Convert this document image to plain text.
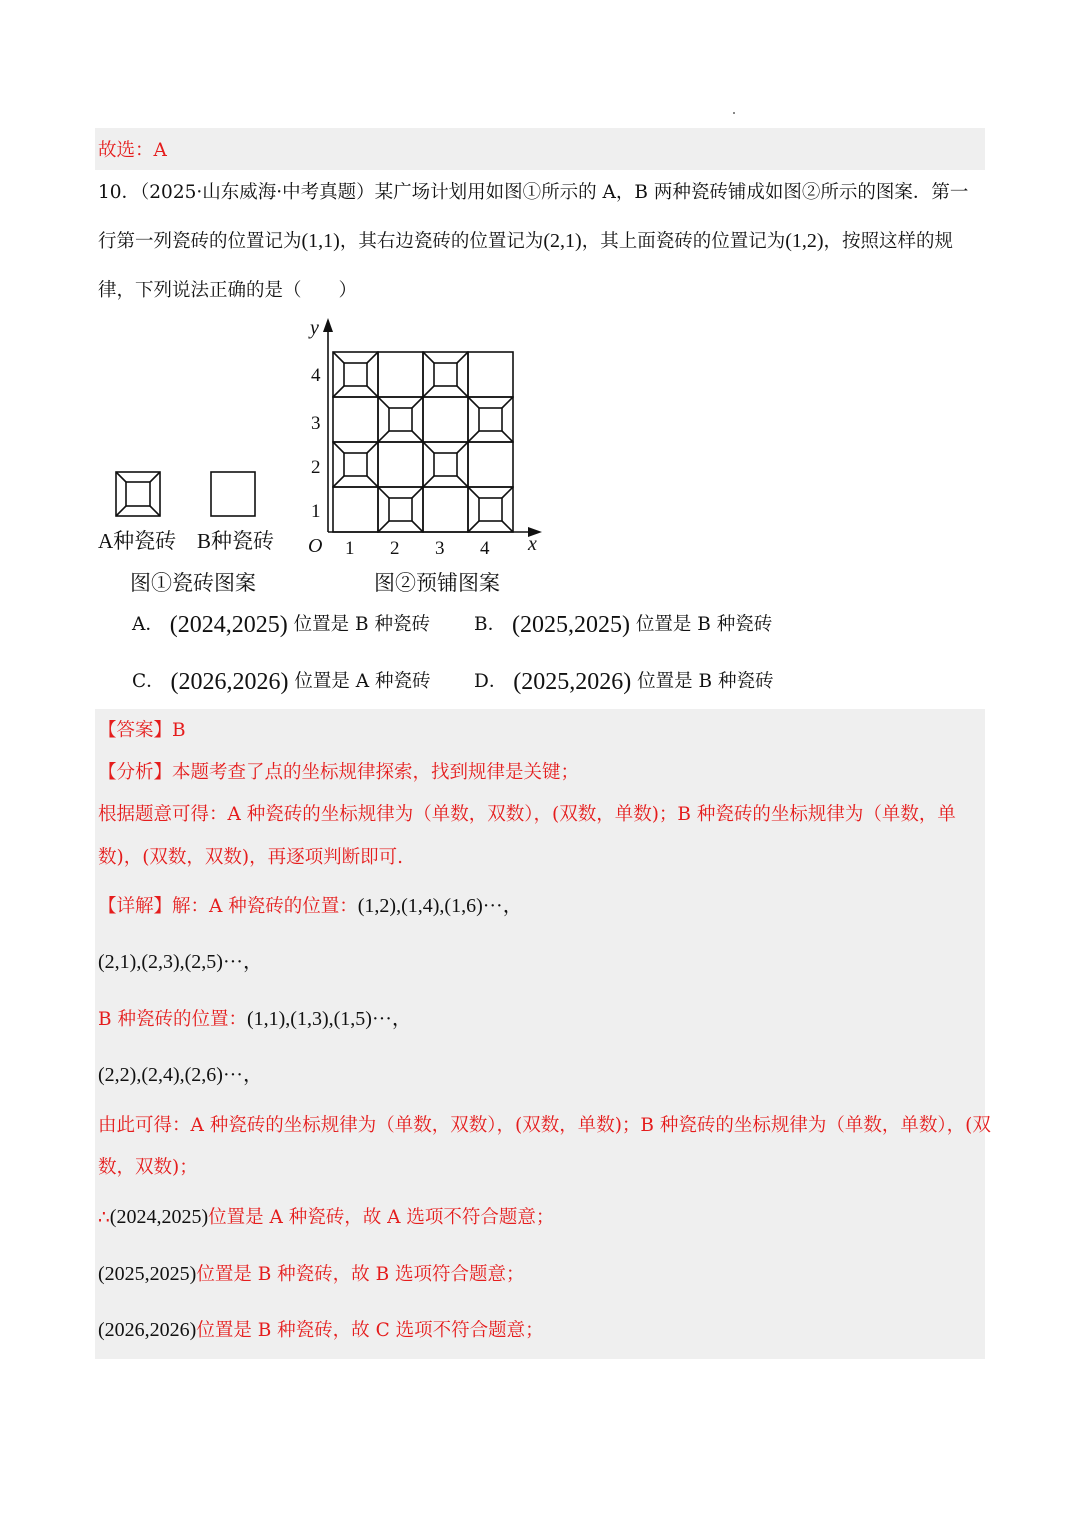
故选：A
10．（2025·山东威海·中考真题）某广场计划用如图①所示的 A，B 两种瓷砖铺成如图②所示的图案．第一
行第一列瓷砖的位置记为(1,1)，其右边瓷砖的位置记为(2,1)，其上面瓷砖的位置记为(1,2)，按照这样的规
律，下列说法正确的是（　　）
A种瓷砖 B种瓷砖
图①瓷砖图案	图②预铺图案
y
x
O 1 2 3 4
1
2
3
4
A． (2024,2025) 位置是 B 种瓷砖 B． (2025,2025) 位置是 B 种瓷砖
C． (2026,2026) 位置是 A 种瓷砖 D． (2025,2026) 位置是 B 种瓷砖
【答案】B
【分析】本题考查了点的坐标规律探索，找到规律是关键；
根据题意可得：A 种瓷砖的坐标规律为（单数，双数），(双数，单数)；B 种瓷砖的坐标规律为（单数，单
数)，(双数，双数)，再逐项判断即可.
【详解】解：A 种瓷砖的位置：(1,2),(1,4),(1,6)···，
(2,1),(2,3),(2,5)···，
B 种瓷砖的位置：(1,1),(1,3),(1,5)···，
(2,2),(2,4),(2,6)···，
由此可得：A 种瓷砖的坐标规律为（单数，双数），(双数，单数)；B 种瓷砖的坐标规律为（单数，单数），(双
数，双数)；
∴(2024,2025)位置是 A 种瓷砖，故 A 选项不符合题意；
(2025,2025)位置是 B 种瓷砖，故 B 选项符合题意；
(2026,2026)位置是 B 种瓷砖，故 C 选项不符合题意；
